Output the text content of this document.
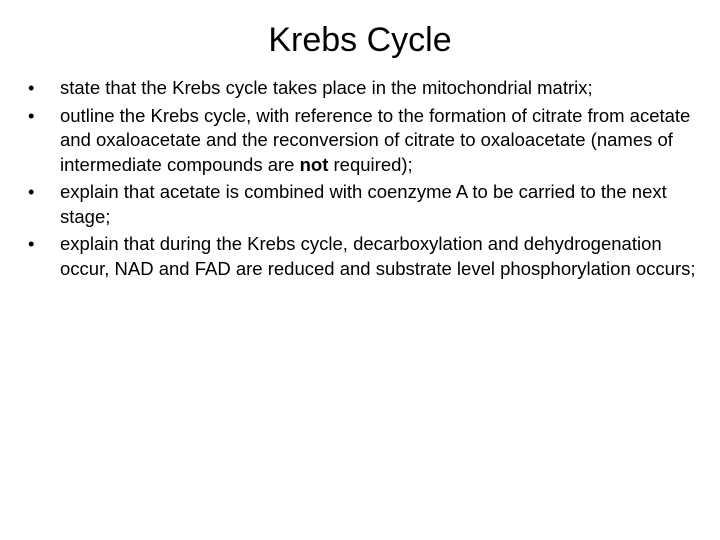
Krebs Cycle
•	state that the Krebs cycle takes place in the mitochondrial matrix;
•	outline the Krebs cycle, with reference to the formation of citrate from acetate and oxaloacetate and the reconversion of citrate to oxaloacetate (names of intermediate compounds are not required);
•	explain that acetate is combined with coenzyme A to be carried to the next stage;
•	explain that during the Krebs cycle, decarboxylation and dehydrogenation occur, NAD and FAD are reduced and substrate level phosphorylation occurs;
